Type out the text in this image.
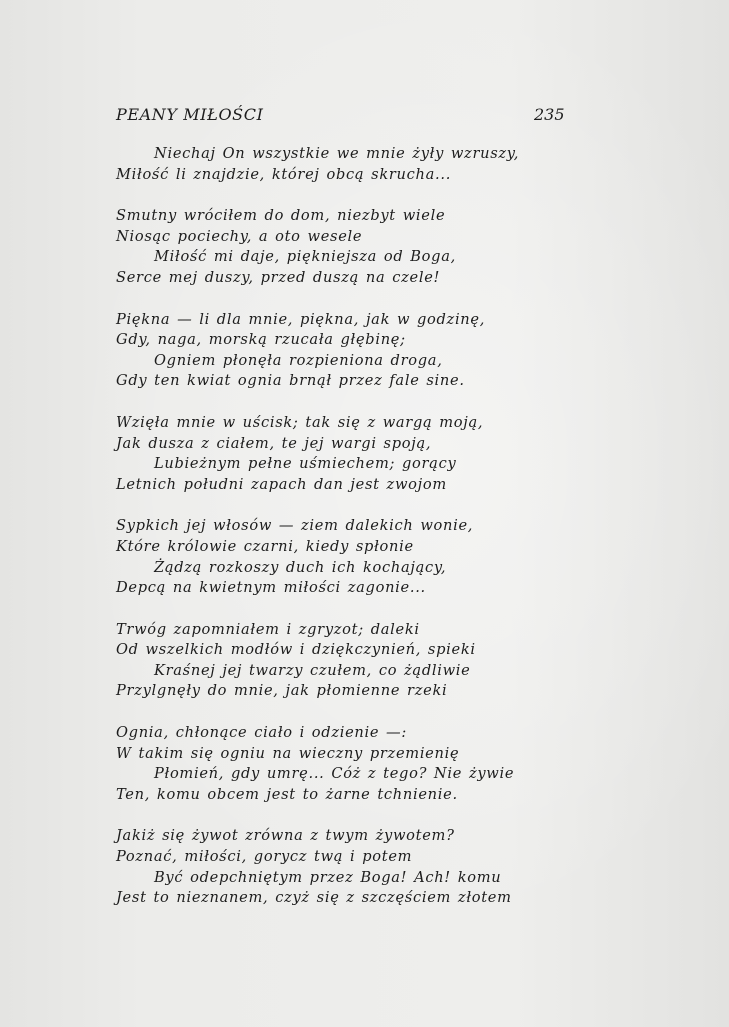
PEANY MIŁOŚCI	235
Niechaj On wszystkie we mnie żyły wzruszy,
Miłość li znajdzie, której obcą skrucha...
Smutny wróciłem do dom, niezbyt wiele
Niosąc pociechy, a oto wesele
Miłość mi daje, piękniejsza od Boga,
Serce mej duszy, przed duszą na czele!
Piękna — li dla mnie, piękna, jak w godzinę,
Gdy, naga, morską rzucała głębinę;
Ogniem płonęła rozpieniona droga,
Gdy ten kwiat ognia brnął przez fale sine.
Wzięła mnie w uścisk; tak się z wargą moją,
Jak dusza z ciałem, te jej wargi spoją,
Lubieżnym pełne uśmiechem; gorący
Letnich południ zapach dan jest zwojom
Sypkich jej włosów — ziem dalekich wonie,
Które królowie czarni, kiedy spłonie
Żądzą rozkoszy duch ich kochający,
Depcą na kwietnym miłości zagonie...
Trwóg zapomniałem i zgryzot; daleki
Od wszelkich modłów i dziękczynień, spieki
Kraśnej jej twarzy czułem, co żądliwie
Przylgnęły do mnie, jak płomienne rzeki
Ognia, chłonące ciało i odzienie —:
W takim się ogniu na wieczny przemienię
Płomień, gdy umrę... Cóż z tego? Nie żywie
Ten, komu obcem jest to żarne tchnienie.
Jakiż się żywot zrówna z twym żywotem?
Poznać, miłości, gorycz twą i potem
Być odepchniętym przez Boga! Ach! komu
Jest to nieznanem, czyż się z szczęściem złotem
